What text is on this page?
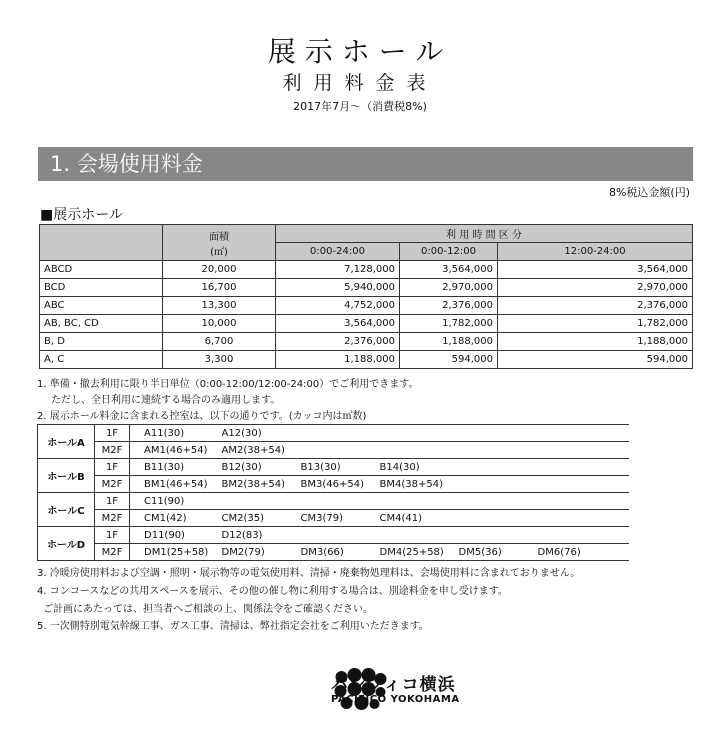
展示ホール
利用料金表
2017年7月～（消費税8%)
1. 会場使用料金
8%税込金額(円)
■展示ホール

	面積
(㎡)	利 用 時 間 区 分		
		0:00-24:00	0:00-12:00	12:00-24:00
ABCD	20,000	7,128,000	3,564,000	3,564,000
BCD	16,700	5,940,000	2,970,000	2,970,000
ABC	13,300	4,752,000	2,376,000	2,376,000
AB, BC, CD	10,000	3,564,000	1,782,000	1,782,000
B, D	6,700	2,376,000	1,188,000	1,188,000
A, C	3,300	1,188,000	594,000	594,000
1. 準備・撤去利用に限り半日単位（0:00-12:00/12:00-24:00）でご利用できます。
ただし、全日利用に連続する場合のみ適用します。
2. 展示ホール料金に含まれる控室は、以下の通りです。(カッコ内は㎡数)
ホールA	1F	A11(30)	A12(30)				
	M2F	AM1(46+54)	AM2(38+54)				
ホールB	1F	B11(30)	B12(30)	B13(30)	B14(30)		
	M2F	BM1(46+54)	BM2(38+54)	BM3(46+54)	BM4(38+54)		
ホールC	1F	C11(90)					
	M2F	CM1(42)	CM2(35)	CM3(79)	CM4(41)		
ホールD	1F	D11(90)	D12(83)				
	M2F	DM1(25+58)	DM2(79)	DM3(66)	DM4(25+58)	DM5(36)	DM6(76)
3. 冷暖房使用料および空調・照明・展示物等の電気使用料、清掃・廃棄物処理料は、会場使用料に含まれておりません。
4. コンコースなどの共用スペースを展示、その他の催し物に利用する場合は、別途料金を申し受けます。
ご計画にあたっては、担当者へご相談の上、関係法令をご確認ください。
5. 一次側特別電気幹線工事、ガス工事、清掃は、弊社指定会社をご利用いただきます。
パシフィコ横浜
PACIFICO YOKOHAMA
